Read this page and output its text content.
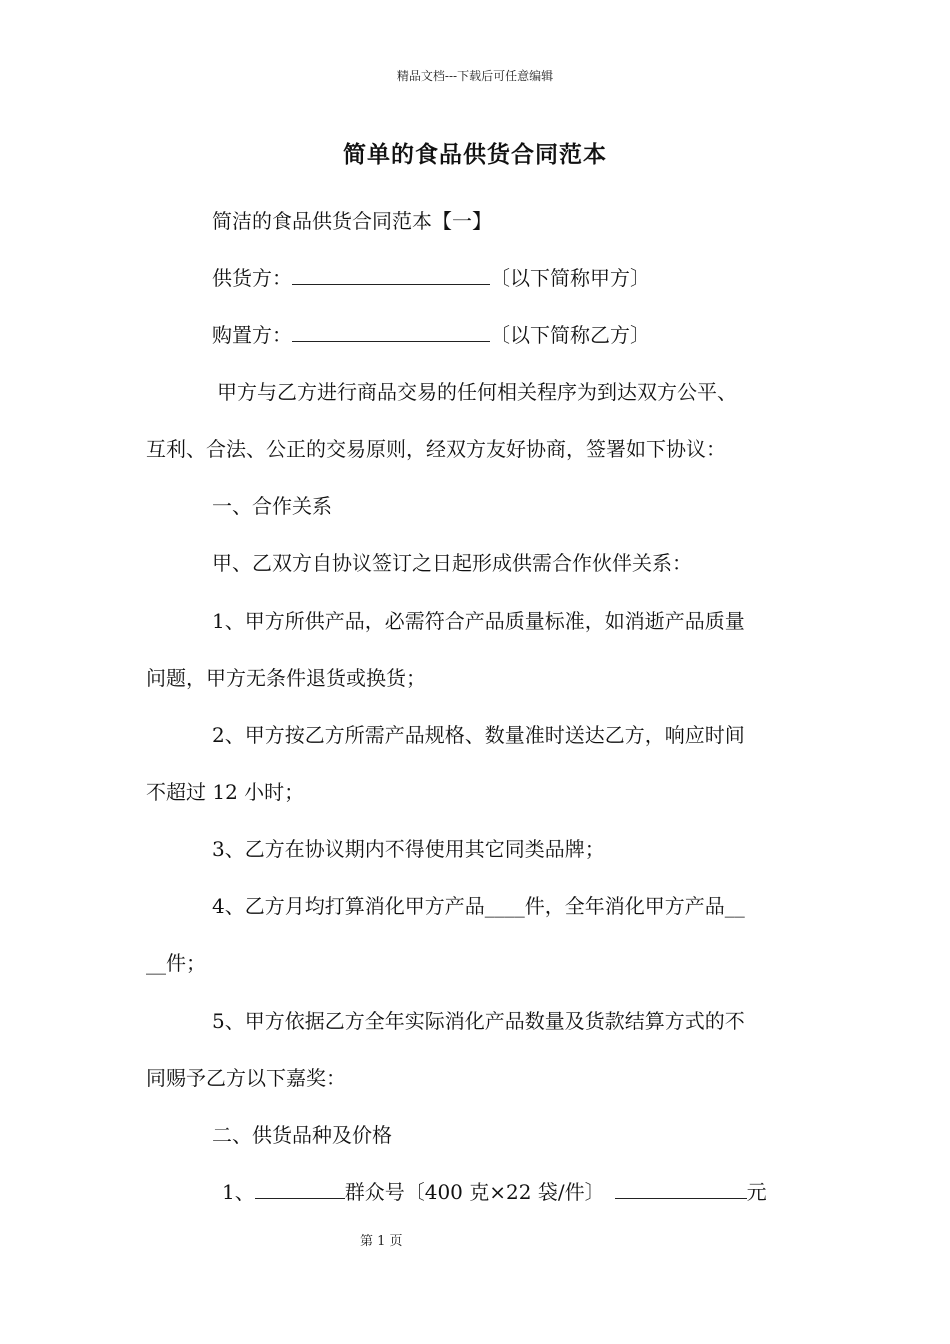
精品文档---下载后可任意编辑
简单的食品供货合同范本
简洁的食品供货合同范本【一】
供货方：	〔以下简称甲方〕
购置方：	〔以下简称乙方〕
甲方与乙方进行商品交易的任何相关程序为到达双方公平、
互利、合法、公正的交易原则，经双方友好协商，签署如下协议：
一、合作关系
甲、乙双方自协议签订之日起形成供需合作伙伴关系：
1、甲方所供产品，必需符合产品质量标准，如消逝产品质量
问题，甲方无条件退货或换货；
2、甲方按乙方所需产品规格、数量准时送达乙方，响应时间
不超过 12 小时；
3、乙方在协议期内不得使用其它同类品牌；
4、乙方月均打算消化甲方产品____件，全年消化甲方产品__
__件；
5、甲方依据乙方全年实际消化产品数量及货款结算方式的不
同赐予乙方以下嘉奖：
二、供货品种及价格
1、	群众号〔400 克×22 袋/件〕	元
第 1 页
